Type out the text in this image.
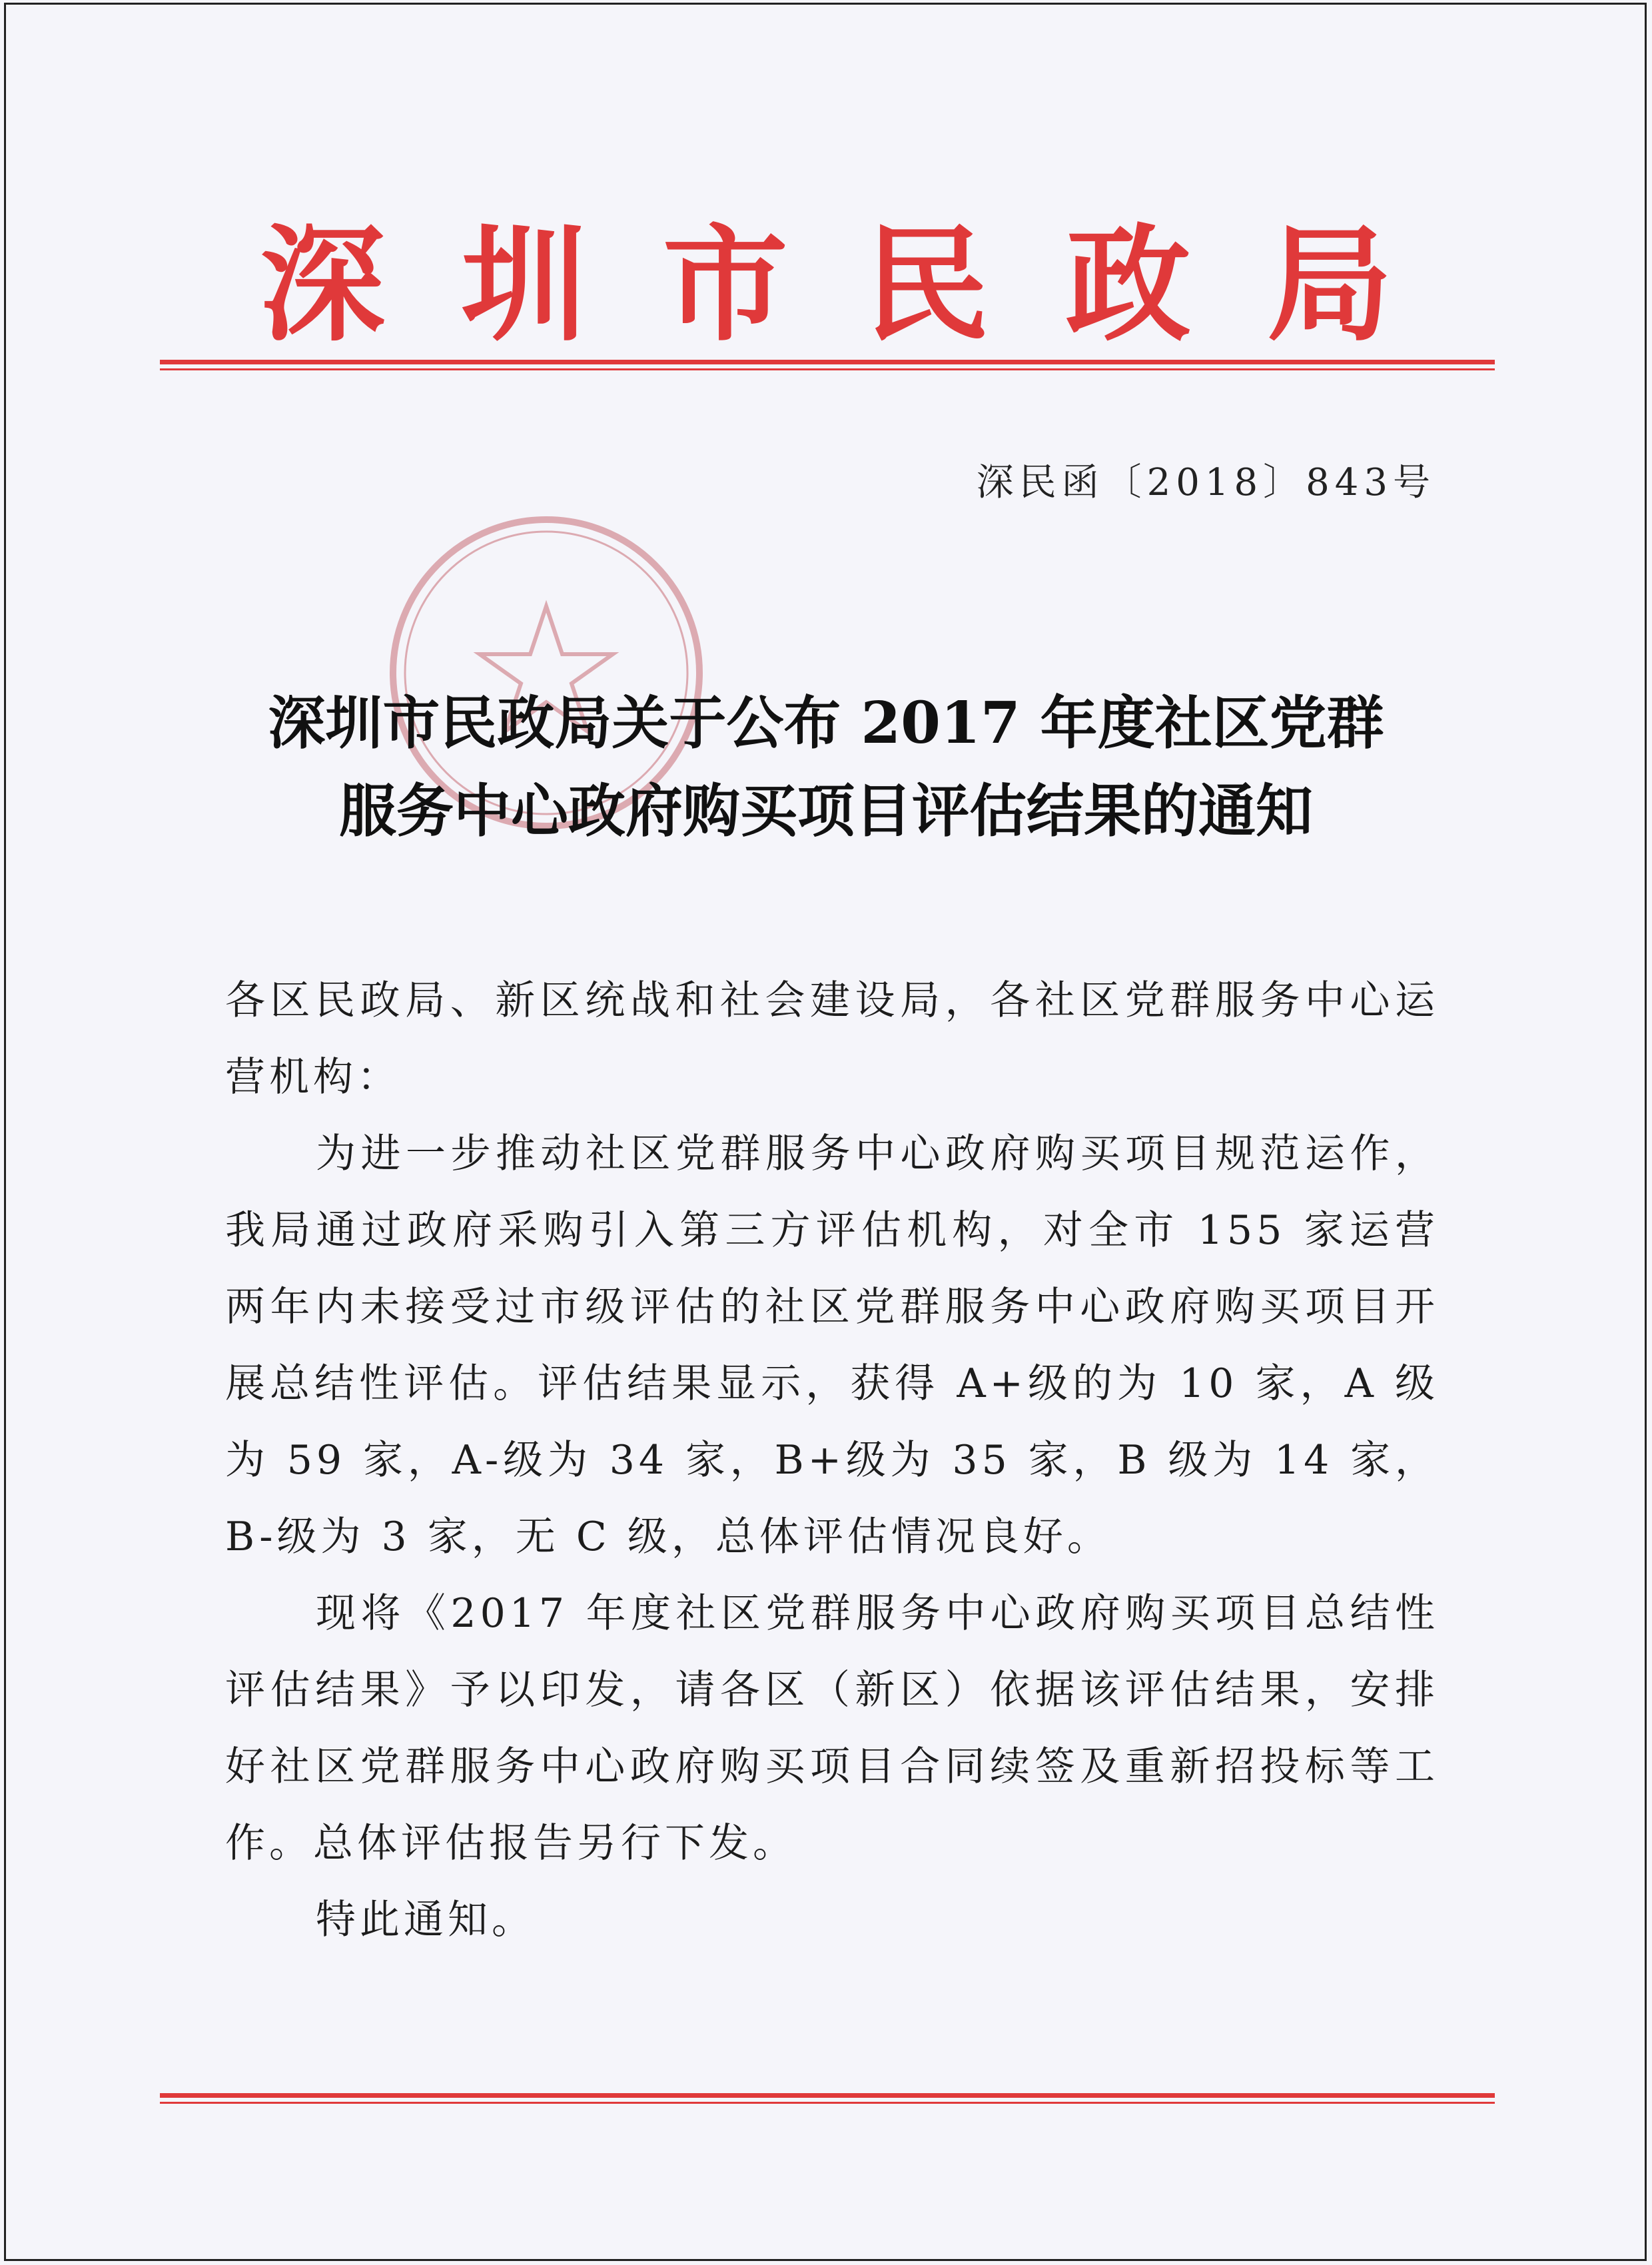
深 圳 市 民 政 局
深民函〔2018〕843号
深圳市民政局关于公布 2017 年度社区党群
服务中心政府购买项目评估结果的通知

各区民政局、新区统战和社会建设局，各社区党群服务中心运营机构：

为进一步推动社区党群服务中心政府购买项目规范运作，我局通过政府采购引入第三方评估机构，对全市 155 家运营两年内未接受过市级评估的社区党群服务中心政府购买项目开展总结性评估。评估结果显示，获得 A+级的为 10 家，A 级为 59 家，A-级为 34 家，B+级为 35 家，B 级为 14 家，B-级为 3 家，无 C 级，总体评估情况良好。

现将《2017 年度社区党群服务中心政府购买项目总结性评估结果》予以印发，请各区（新区）依据该评估结果，安排好社区党群服务中心政府购买项目合同续签及重新招投标等工作。总体评估报告另行下发。

特此通知。
